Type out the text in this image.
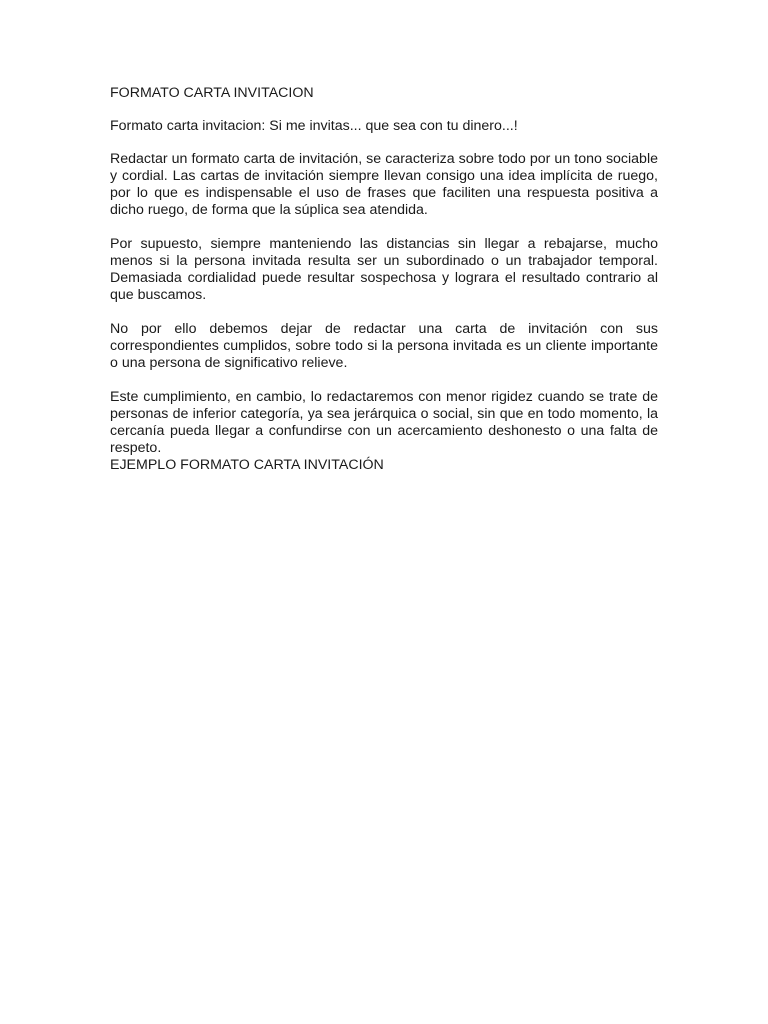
FORMATO CARTA INVITACION
Formato carta invitacion: Si me invitas... que sea con tu dinero...!
Redactar un formato carta de invitación, se caracteriza sobre todo por un tono sociable y cordial. Las cartas de invitación siempre llevan consigo una idea implícita de ruego, por lo que es indispensable el uso de frases que faciliten una respuesta positiva a dicho ruego, de forma que la súplica sea atendida.
Por supuesto, siempre manteniendo las distancias sin llegar a rebajarse, mucho menos si la persona invitada resulta ser un subordinado o un trabajador temporal. Demasiada cordialidad puede resultar sospechosa y lograra el resultado contrario al que buscamos.
No por ello debemos dejar de redactar una carta de invitación con sus correspondientes cumplidos, sobre todo si la persona invitada es un cliente importante o una persona de significativo relieve.
Este cumplimiento, en cambio, lo redactaremos con menor rigidez cuando se trate de personas de inferior categoría, ya sea jerárquica o social, sin que en todo momento, la cercanía pueda llegar a confundirse con un acercamiento deshonesto o una falta de respeto.
EJEMPLO FORMATO CARTA INVITACIÓN
